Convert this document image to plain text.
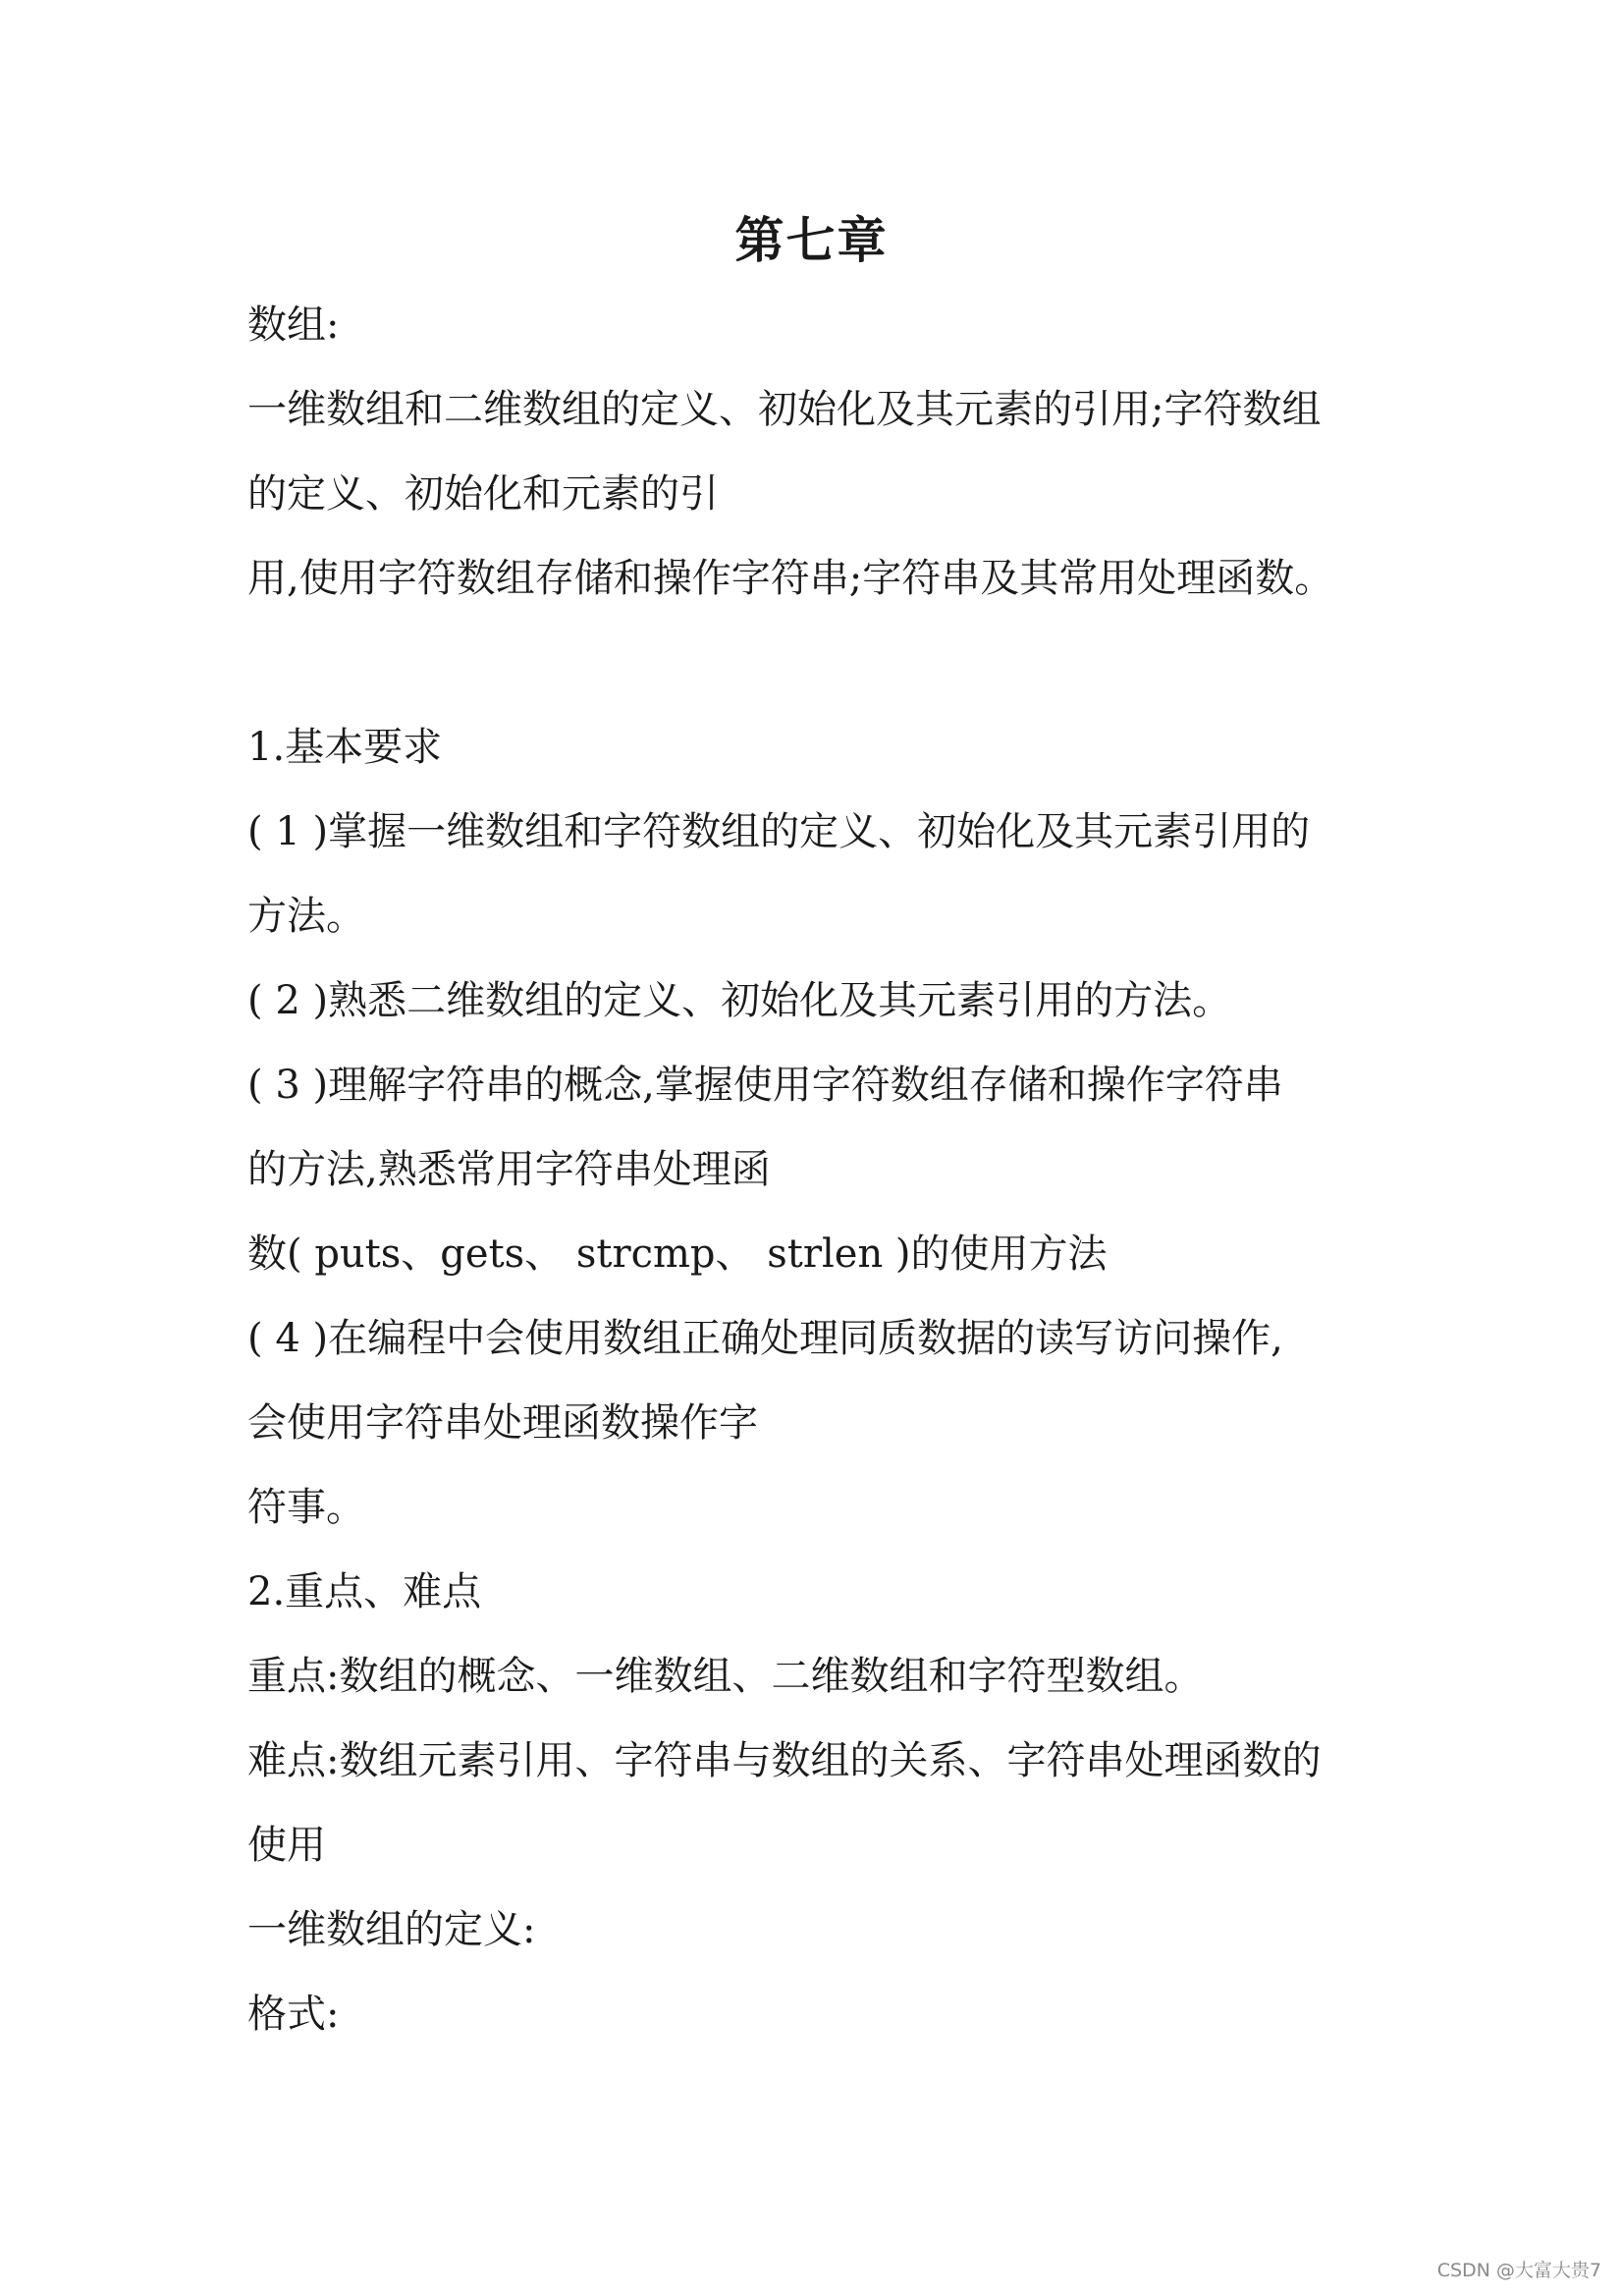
第七章
数组:
一维数组和二维数组的定义、初始化及其元素的引用;字符数组
的定义、初始化和元素的引
用,使用字符数组存储和操作字符串;字符串及其常用处理函数。
1.基本要求
( 1 )掌握一维数组和字符数组的定义、初始化及其元素引用的
方法。
( 2 )熟悉二维数组的定义、初始化及其元素引用的方法。
( 3 )理解字符串的概念,掌握使用字符数组存储和操作字符串
的方法,熟悉常用字符串处理函
数( puts、gets、 strcmp、 strlen )的使用方法
( 4 )在编程中会使用数组正确处理同质数据的读写访问操作,
会使用字符串处理函数操作字
符事。
2.重点、难点
重点:数组的概念、一维数组、二维数组和字符型数组。
难点:数组元素引用、字符串与数组的关系、字符串处理函数的
使用
一维数组的定义:
格式:
CSDN @大富大贵7
